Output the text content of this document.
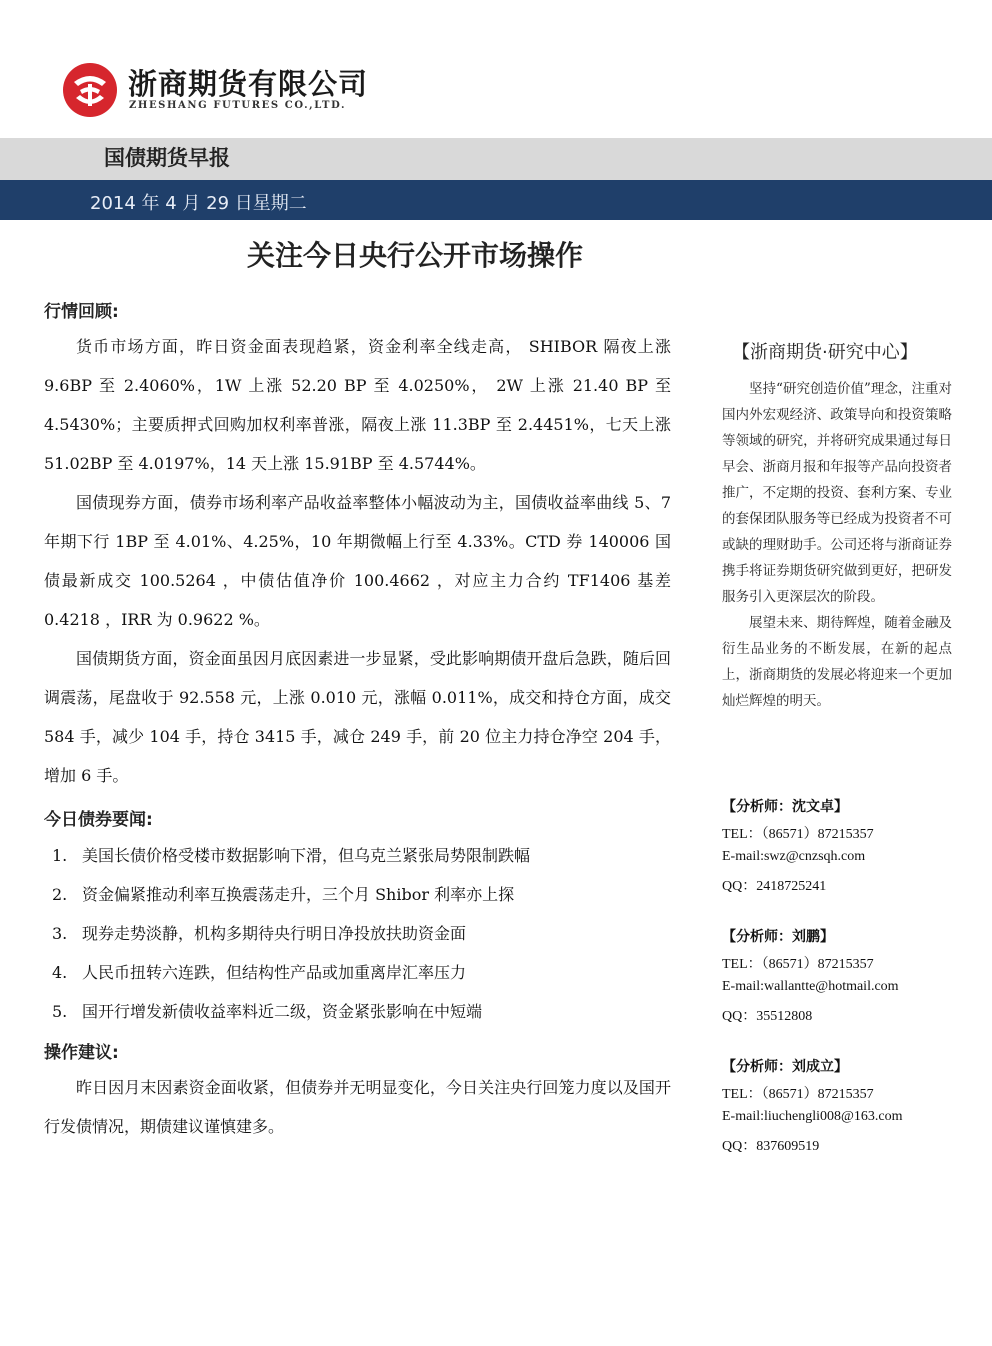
浙商期货有限公司
ZHESHANG FUTURES CO.,LTD.
国债期货早报
2014 年 4 月 29 日星期二
关注今日央行公开市场操作
行情回顾:

货币市场方面，昨日资金面表现趋紧，资金利率全线走高， SHIBOR 隔夜上涨 9.6BP 至 2.4060%，1W 上涨 52.20 BP 至 4.0250%， 2W 上涨 21.40 BP 至 4.5430%；主要质押式回购加权利率普涨，隔夜上涨 11.3BP 至 2.4451%，七天上涨 51.02BP 至 4.0197%，14 天上涨 15.91BP 至 4.5744%。

国债现券方面，债券市场利率产品收益率整体小幅波动为主，国债收益率曲线 5、7 年期下行 1BP 至 4.01%、4.25%，10 年期微幅上行至 4.33%。CTD 券 140006 国债最新成交 100.5264 ，中债估值净价 100.4662 ，对应主力合约 TF1406 基差 0.4218 ，IRR 为 0.9622 %。

国债期货方面，资金面虽因月底因素进一步显紧，受此影响期债开盘后急跌，随后回调震荡，尾盘收于 92.558 元，上涨 0.010 元，涨幅 0.011%，成交和持仓方面，成交 584 手，减少 104 手，持仓 3415 手，减仓 249 手，前 20 位主力持仓净空 204 手，增加 6 手。

今日债券要闻:
1. 美国长债价格受楼市数据影响下滑，但乌克兰紧张局势限制跌幅
2. 资金偏紧推动利率互换震荡走升，三个月 Shibor 利率亦上探
3. 现券走势淡静，机构多期待央行明日净投放扶助资金面
4. 人民币扭转六连跌，但结构性产品或加重离岸汇率压力
5. 国开行增发新债收益率料近二级，资金紧张影响在中短端
操作建议:

昨日因月末因素资金面收紧，但债券并无明显变化，今日关注央行回笼力度以及国开行发债情况，期债建议谨慎建多。

【浙商期货·研究中心】

坚持“研究创造价值”理念，注重对国内外宏观经济、政策导向和投资策略等领域的研究，并将研究成果通过每日早会、浙商月报和年报等产品向投资者推广，不定期的投资、套利方案、专业的套保团队服务等已经成为投资者不可或缺的理财助手。公司还将与浙商证券携手将证券期货研究做到更好，把研发服务引入更深层次的阶段。

展望未来、期待辉煌，随着金融及衍生品业务的不断发展，在新的起点上，浙商期货的发展必将迎来一个更加灿烂辉煌的明天。

【分析师：沈文卓】
TEL：（86571）87215357
E-mail:swz@cnzsqh.com
QQ：2418725241
【分析师：刘鹏】
TEL：（86571）87215357
E-mail:wallantte@hotmail.com
QQ：35512808
【分析师：刘成立】
TEL：（86571）87215357
E-mail:liuchengli008@163.com
QQ：837609519
